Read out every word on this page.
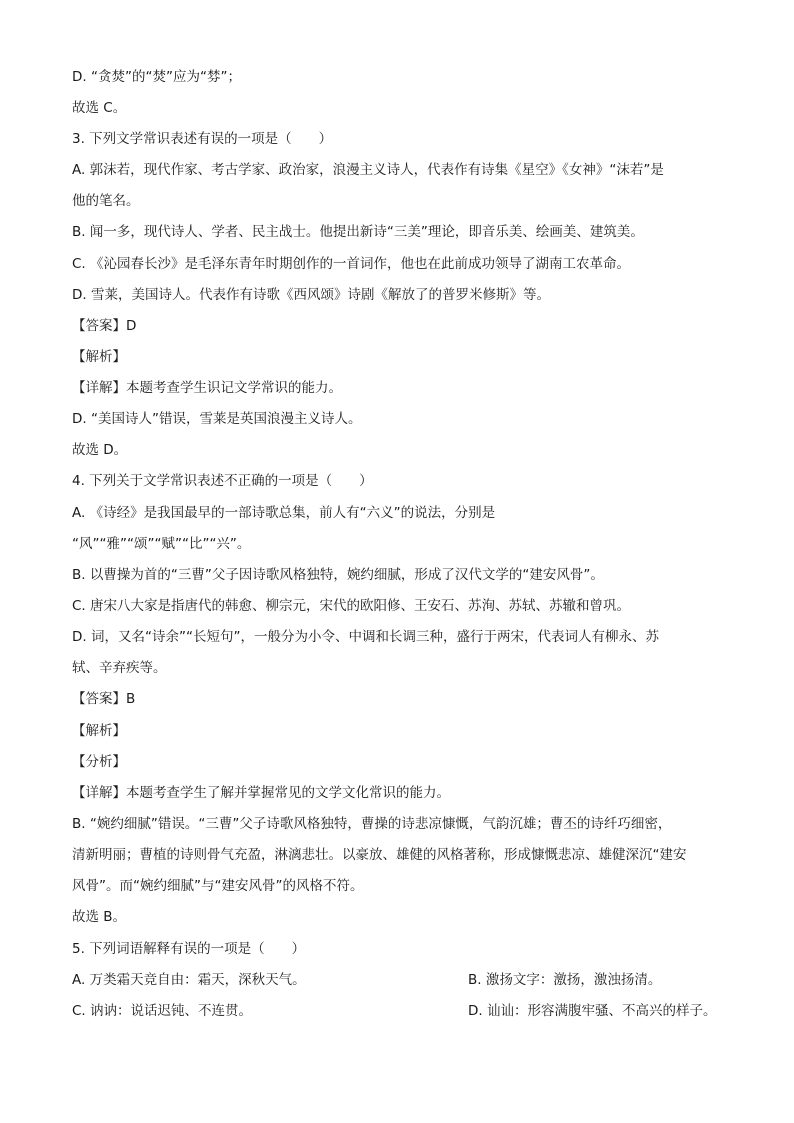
D. “贪焚”的“焚”应为“棼”；
故选 C。
3. 下列文学常识表述有误的一项是（　　）
A. 郭沫若，现代作家、考古学家、政治家，浪漫主义诗人，代表作有诗集《星空》《女神》“沫若”是
他的笔名。
B. 闻一多，现代诗人、学者、民主战士。他提出新诗“三美”理论，即音乐美、绘画美、建筑美。
C. 《沁园春长沙》是毛泽东青年时期创作的一首词作，他也在此前成功领导了湖南工农革命。
D. 雪莱，美国诗人。代表作有诗歌《西风颂》诗剧《解放了的普罗米修斯》等。
【答案】D
【解析】
【详解】本题考查学生识记文学常识的能力。
D. “美国诗人”错误，雪莱是英国浪漫主义诗人。
故选 D。
4. 下列关于文学常识表述不正确的一项是（　　）
A. 《诗经》是我国最早的一部诗歌总集，前人有“六义”的说法，分别是
“风”“雅”“颂”“赋”“比”“兴”。
B. 以曹操为首的“三曹”父子因诗歌风格独特，婉约细腻，形成了汉代文学的“建安风骨”。
C. 唐宋八大家是指唐代的韩愈、柳宗元，宋代的欧阳修、王安石、苏洵、苏轼、苏辙和曾巩。
D. 词，又名“诗余”“长短句”，一般分为小令、中调和长调三种，盛行于两宋，代表词人有柳永、苏
轼、辛弃疾等。
【答案】B
【解析】
【分析】
【详解】本题考查学生了解并掌握常见的文学文化常识的能力。
B. “婉约细腻”错误。“三曹”父子诗歌风格独特，曹操的诗悲凉慷慨，气韵沉雄；曹丕的诗纤巧细密，
清新明丽；曹植的诗则骨气充盈，淋漓悲壮。以豪放、雄健的风格著称，形成慷慨悲凉、雄健深沉“建安
风骨”。而“婉约细腻”与“建安风骨”的风格不符。
故选 B。
5. 下列词语解释有误的一项是（　　）
A. 万类霜天竞自由：霜天，深秋天气。	B. 激扬文字：激扬，激浊扬清。
C. 讷讷：说话迟钝、不连贯。	D. 讪讪：形容满腹牢骚、不高兴的样子。
